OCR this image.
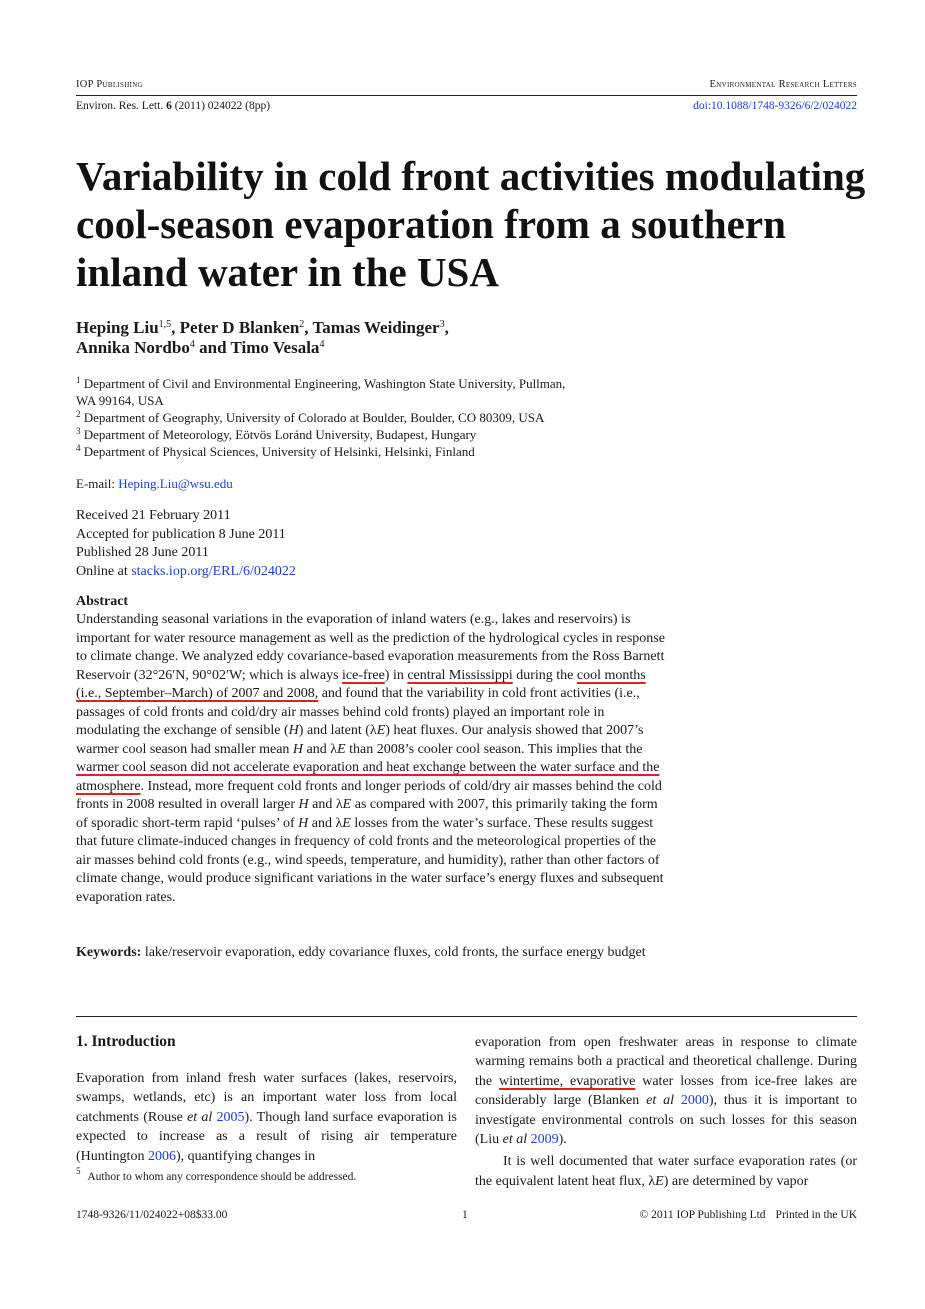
IOP Publishing	Environmental Research Letters
Environ. Res. Lett. 6 (2011) 024022 (8pp)	doi:10.1088/1748-9326/6/2/024022
Variability in cold front activities modulating cool-season evaporation from a southern inland water in the USA
Heping Liu$^{1,5}$, Peter D Blanken$^2$, Tamas Weidinger$^3$,
Annika Nordbo$^4$ and Timo Vesala$^4$
$^1$ Department of Civil and Environmental Engineering, Washington State University, Pullman,
WA 99164, USA
$^2$ Department of Geography, University of Colorado at Boulder, Boulder, CO 80309, USA
$^3$ Department of Meteorology, Eötvös Loránd University, Budapest, Hungary
$^4$ Department of Physical Sciences, University of Helsinki, Helsinki, Finland
E-mail: Heping.Liu@wsu.edu
Received 21 February 2011
Accepted for publication 8 June 2011
Published 28 June 2011
Online at stacks.iop.org/ERL/6/024022
Abstract
Understanding seasonal variations in the evaporation of inland waters (e.g., lakes and reservoirs) is important for water resource management as well as the prediction of the hydrological cycles in response to climate change. We analyzed eddy covariance-based evaporation measurements from the Ross Barnett Reservoir (32°26′N, 90°02′W; which is always ice-free) in central Mississippi during the cool months (i.e., September–March) of 2007 and 2008, and found that the variability in cold front activities (i.e., passages of cold fronts and cold/dry air masses behind cold fronts) played an important role in modulating the exchange of sensible (H) and latent (λE) heat fluxes. Our analysis showed that 2007’s warmer cool season had smaller mean H and λE than 2008’s cooler cool season. This implies that the warmer cool season did not accelerate evaporation and heat exchange between the water surface and the atmosphere. Instead, more frequent cold fronts and longer periods of cold/dry air masses behind the cold fronts in 2008 resulted in overall larger H and λE as compared with 2007, this primarily taking the form of sporadic short-term rapid ‘pulses’ of H and λE losses from the water’s surface. These results suggest that future climate-induced changes in frequency of cold fronts and the meteorological properties of the air masses behind cold fronts (e.g., wind speeds, temperature, and humidity), rather than other factors of climate change, would produce significant variations in the water surface’s energy fluxes and subsequent evaporation rates.
Keywords: lake/reservoir evaporation, eddy covariance fluxes, cold fronts, the surface energy budget
1. Introduction

Evaporation from inland fresh water surfaces (lakes, reservoirs, swamps, wetlands, etc) is an important water loss from local catchments (Rouse et al 2005). Though land surface evaporation is expected to increase as a result of rising air temperature (Huntington 2006), quantifying changes in

evaporation from open freshwater areas in response to climate warming remains both a practical and theoretical challenge. During the wintertime, evaporative water losses from ice-free lakes are considerably large (Blanken et al 2000), thus it is important to investigate environmental controls on such losses for this season (Liu et al 2009).

It is well documented that water surface evaporation rates (or the equivalent latent heat flux, λE) are determined by vapor

$^5$ Author to whom any correspondence should be addressed.
1748-9326/11/024022+08$33.00	1	© 2011 IOP Publishing Ltd Printed in the UK
